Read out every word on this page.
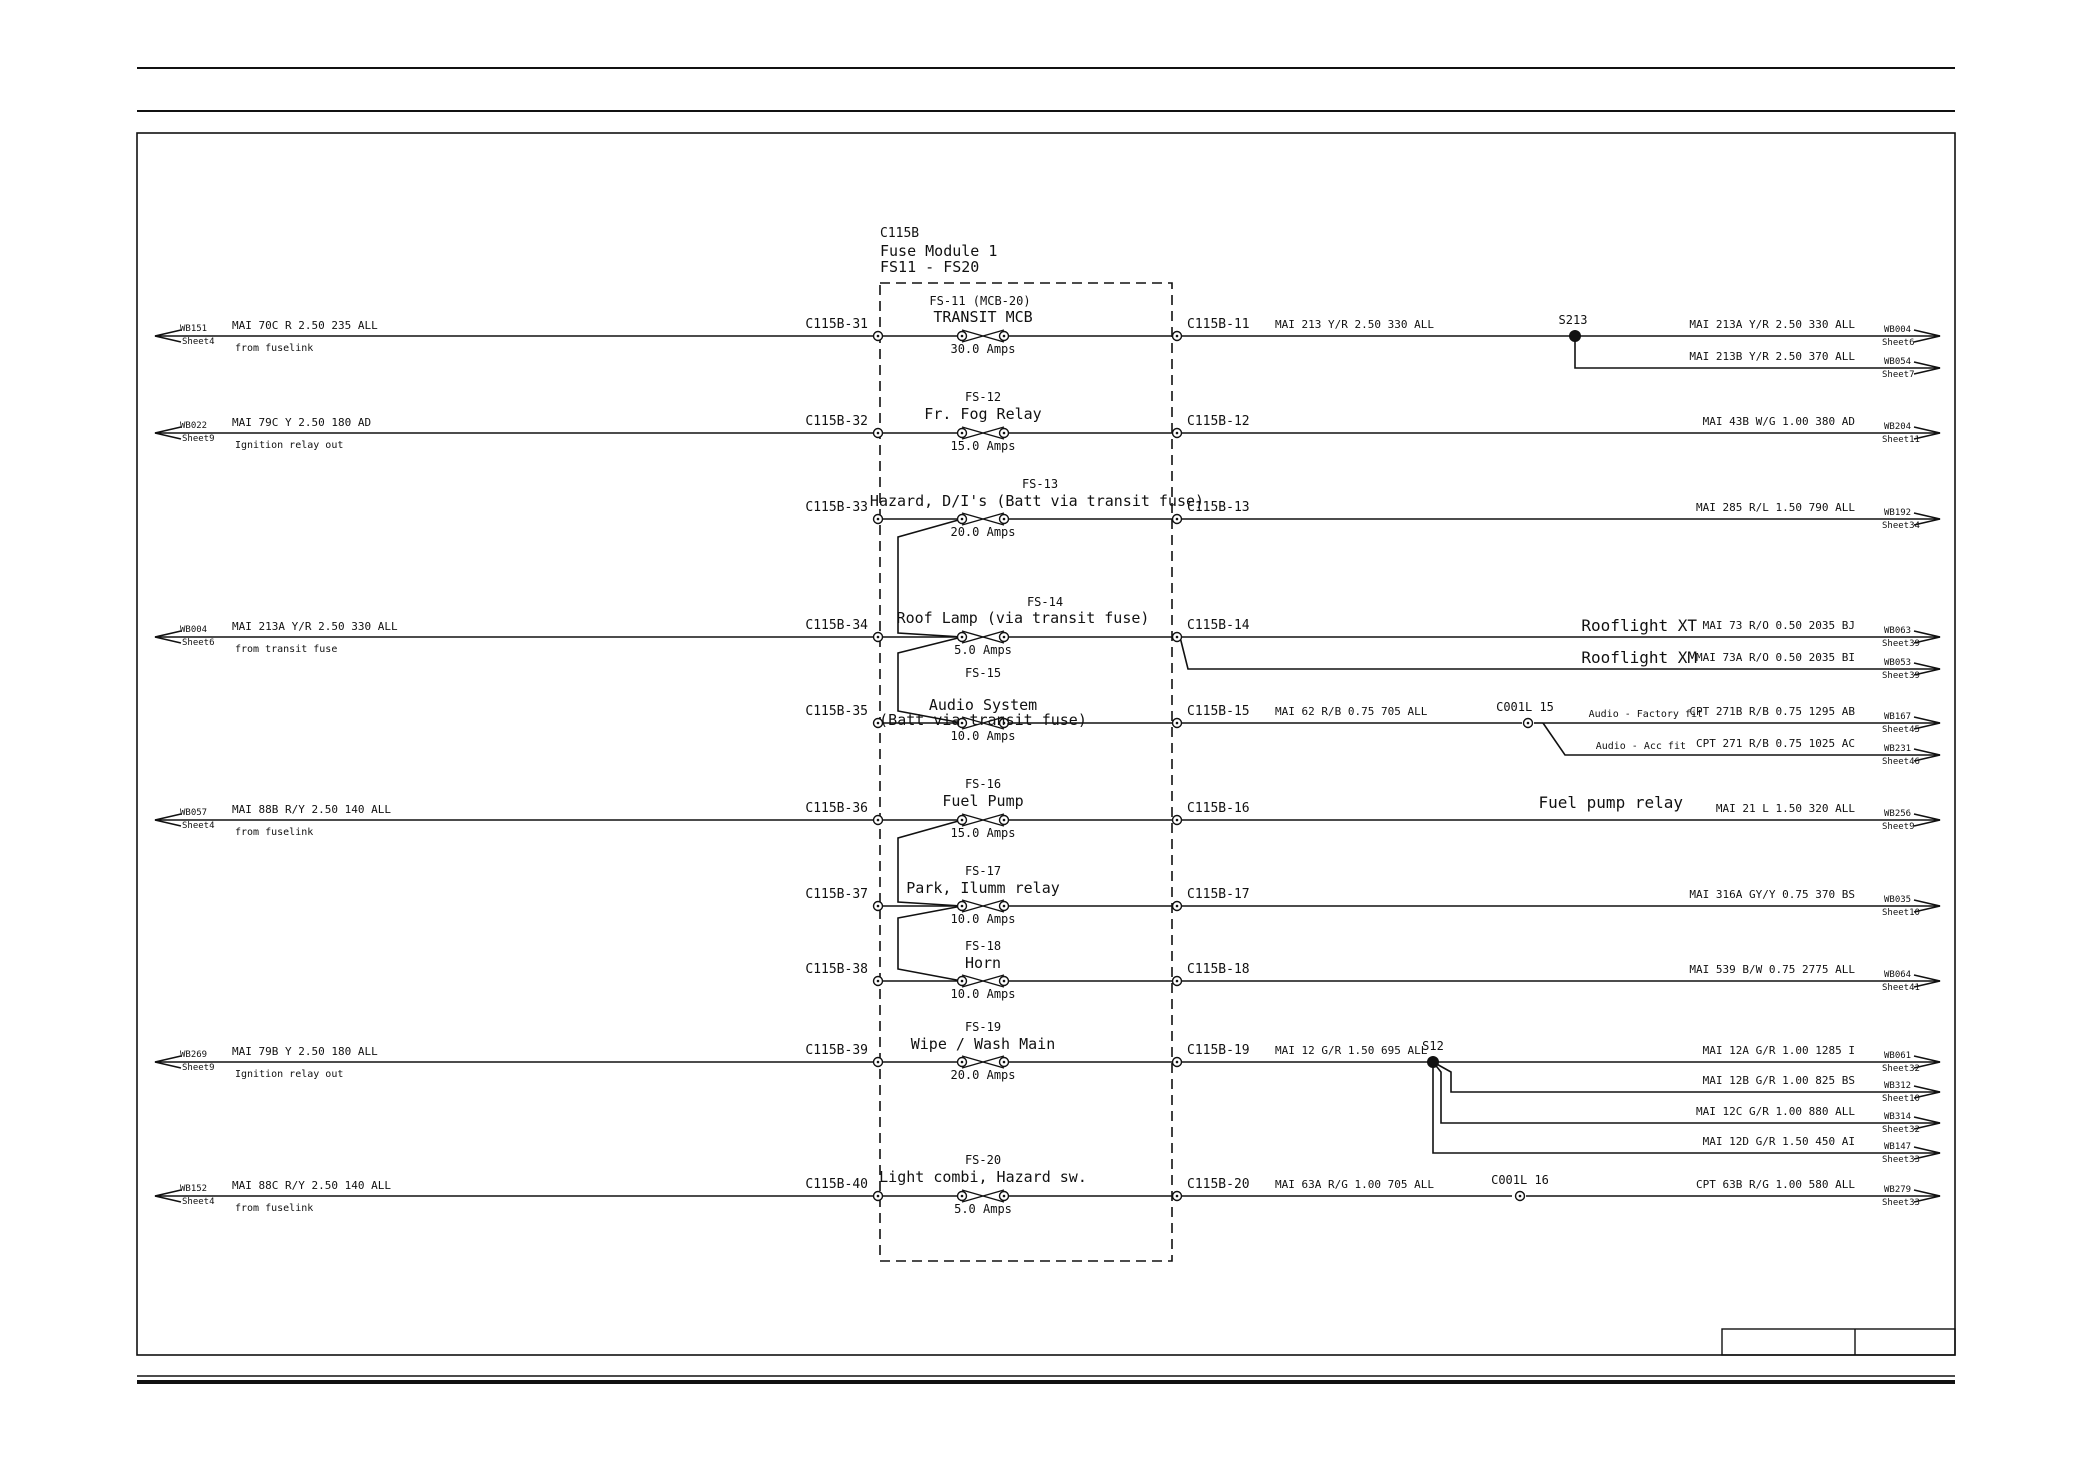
C115B
Fuse Module 1
FS11 - FS20
FS-11 (MCB-20)
TRANSIT MCB
30.0 Amps
C115B-31	C115B-11
FS-12
Fr. Fog Relay
15.0 Amps
C115B-32	C115B-12
FS-13
Hazard, D/I's (Batt via transit fuse)
20.0 Amps
C115B-33	C115B-13
FS-14
Roof Lamp (via transit fuse)
5.0 Amps
C115B-34	C115B-14
FS-15
Audio System
(Batt via transit fuse)
10.0 Amps
C115B-35	C115B-15
FS-16
Fuel Pump
15.0 Amps
C115B-36	C115B-16
FS-17
Park, Ilumm relay
10.0 Amps
C115B-37	C115B-17
FS-18
Horn
10.0 Amps
C115B-38	C115B-18
FS-19
Wipe / Wash Main
20.0 Amps
C115B-39	C115B-19
FS-20
Light combi, Hazard sw.
5.0 Amps
C115B-40	C115B-20
WB151
Sheet4
MAI 70C R 2.50 235 ALL
from fuselink
WB022
Sheet9
MAI 79C Y 2.50 180 AD
Ignition relay out
WB004
Sheet6
MAI 213A Y/R 2.50 330 ALL
from transit fuse
WB057
Sheet4
MAI 88B R/Y 2.50 140 ALL
from fuselink
WB269
Sheet9
MAI 79B Y 2.50 180 ALL
Ignition relay out
WB152
Sheet4
MAI 88C R/Y 2.50 140 ALL
from fuselink
WB004
Sheet6
MAI 213A Y/R 2.50 330 ALL
WB054
Sheet7
MAI 213B Y/R 2.50 370 ALL
WB204
Sheet11
MAI 43B W/G 1.00 380 AD
WB192
Sheet34
MAI 285 R/L 1.50 790 ALL
WB063
Sheet39
MAI 73 R/O 0.50 2035 BJ
WB053
Sheet39
MAI 73A R/O 0.50 2035 BI
WB167
Sheet45
CPT 271B R/B 0.75 1295 AB
WB231
Sheet46
CPT 271 R/B 0.75 1025 AC
WB256
Sheet9
MAI 21 L 1.50 320 ALL
WB035
Sheet10
MAI 316A GY/Y 0.75 370 BS
WB064
Sheet41
MAI 539 B/W 0.75 2775 ALL
WB061
Sheet32
MAI 12A G/R 1.00 1285 I
WB312
Sheet10
MAI 12B G/R 1.00 825 BS
WB314
Sheet32
MAI 12C G/R 1.00 880 ALL
WB147
Sheet33
MAI 12D G/R 1.50 450 AI
WB279
Sheet33
CPT 63B R/G 1.00 580 ALL
S213
MAI 213 Y/R 2.50 330 ALL
Rooflight XT
Rooflight XM
C001L 15
MAI 62 R/B 0.75 705 ALL	Audio - Factory fit
Audio - Acc fit
Fuel pump relay
S12
MAI 12 G/R 1.50 695 ALL
C001L 16
MAI 63A R/G 1.00 705 ALL
